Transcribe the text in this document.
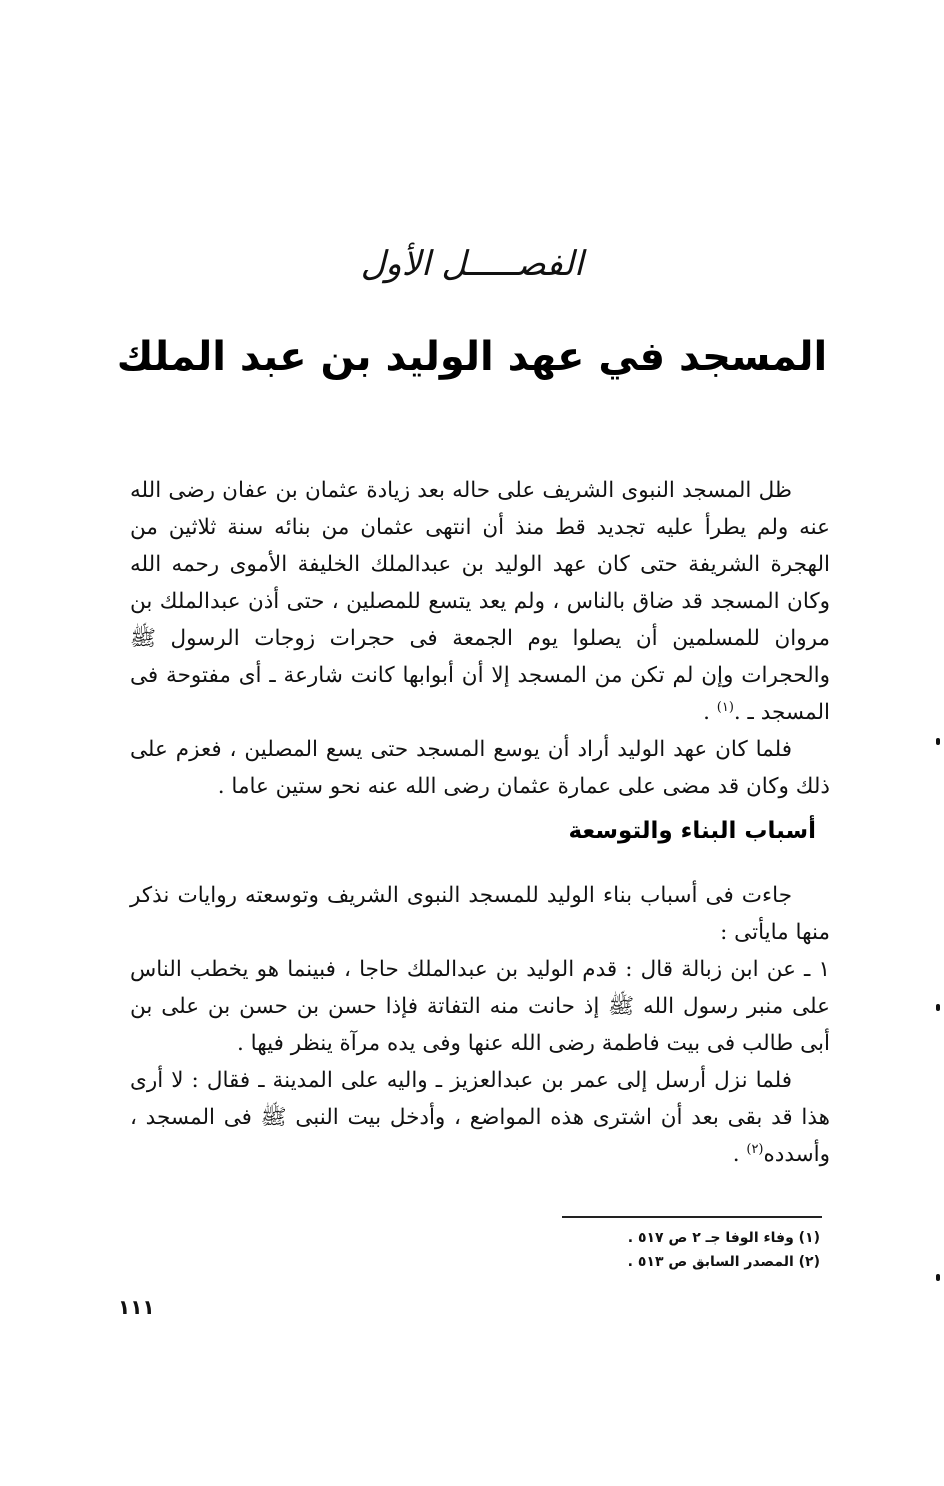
الفصـــــل الأول
المسجد في عهد الوليد بن عبد الملك

ظل المسجد النبوى الشريف على حاله بعد زيادة عثمان بن عفان رضى الله عنه ولم يطرأ عليه تجديد قط منذ أن انتهى عثمان من بنائه سنة ثلاثين من الهجرة الشريفة حتى كان عهد الوليد بن عبدالملك الخليفة الأموى رحمه الله وكان المسجد قد ضاق بالناس ، ولم يعد يتسع للمصلين ، حتى أذن عبدالملك بن مروان للمسلمين أن يصلوا يوم الجمعة فى حجرات زوجات الرسول ﷺ والحجرات وإن لم تكن من المسجد إلا أن أبوابها كانت شارعة ـ أى مفتوحة فى المسجد ـ .$^{(١)}$ .

فلما كان عهد الوليد أراد أن يوسع المسجد حتى يسع المصلين ، فعزم على ذلك وكان قد مضى على عمارة عثمان رضى الله عنه نحو ستين عاما .

أسباب البناء والتوسعة

جاءت فى أسباب بناء الوليد للمسجد النبوى الشريف وتوسعته روايات نذكر منها مايأتى :

١ ـ عن ابن زبالة قال : قدم الوليد بن عبدالملك حاجا ، فبينما هو يخطب الناس على منبر رسول الله ﷺ إذ حانت منه التفاتة فإذا حسن بن حسن بن على بن أبى طالب فى بيت فاطمة رضى الله عنها وفى يده مرآة ينظر فيها .

فلما نزل أرسل إلى عمر بن عبدالعزيز ـ واليه على المدينة ـ فقال : لا أرى هذا قد بقى بعد أن اشترى هذه المواضع ، وأدخل بيت النبى ﷺ فى المسجد ، وأسدده$^{(٢)}$ .

(١) وفاء الوفا جـ ٢ ص ٥١٧ .
(٢) المصدر السابق ص ٥١٣ .
١١١
